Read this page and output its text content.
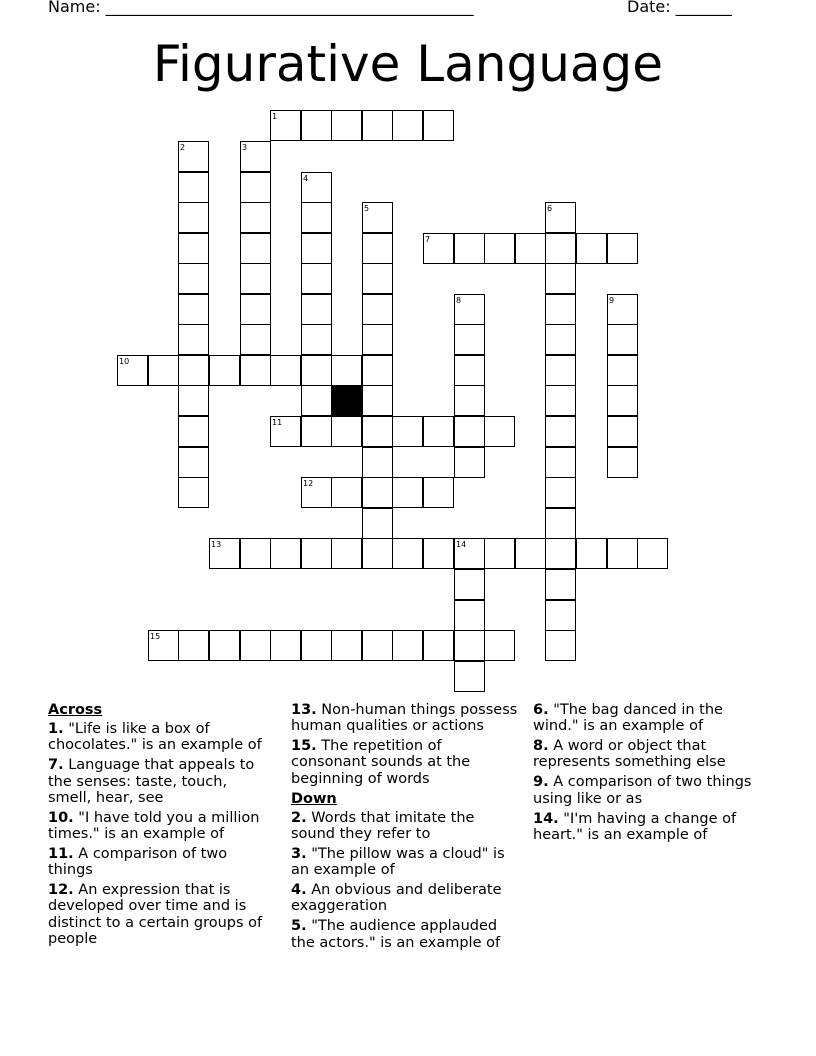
Name: ______________________________________________	Date: _______
Figurative Language
1
2	3
4
5	6
7
8	9
10
11
12
13	14
15

Across

1. "Life is like a box of chocolates." is an example of

7. Language that appeals to the senses: taste, touch, smell, hear, see

10. "I have told you a million times." is an example of

11. A comparison of two things

12. An expression that is developed over time and is distinct to a certain groups of people

13. Non-human things possess human qualities or actions

15. The repetition of consonant sounds at the beginning of words

Down

2. Words that imitate the sound they refer to

3. "The pillow was a cloud" is an example of

4. An obvious and deliberate exaggeration

5. "The audience applauded the actors." is an example of

6. "The bag danced in the wind." is an example of

8. A word or object that represents something else

9. A comparison of two things using like or as

14. "I'm having a change of heart." is an example of
